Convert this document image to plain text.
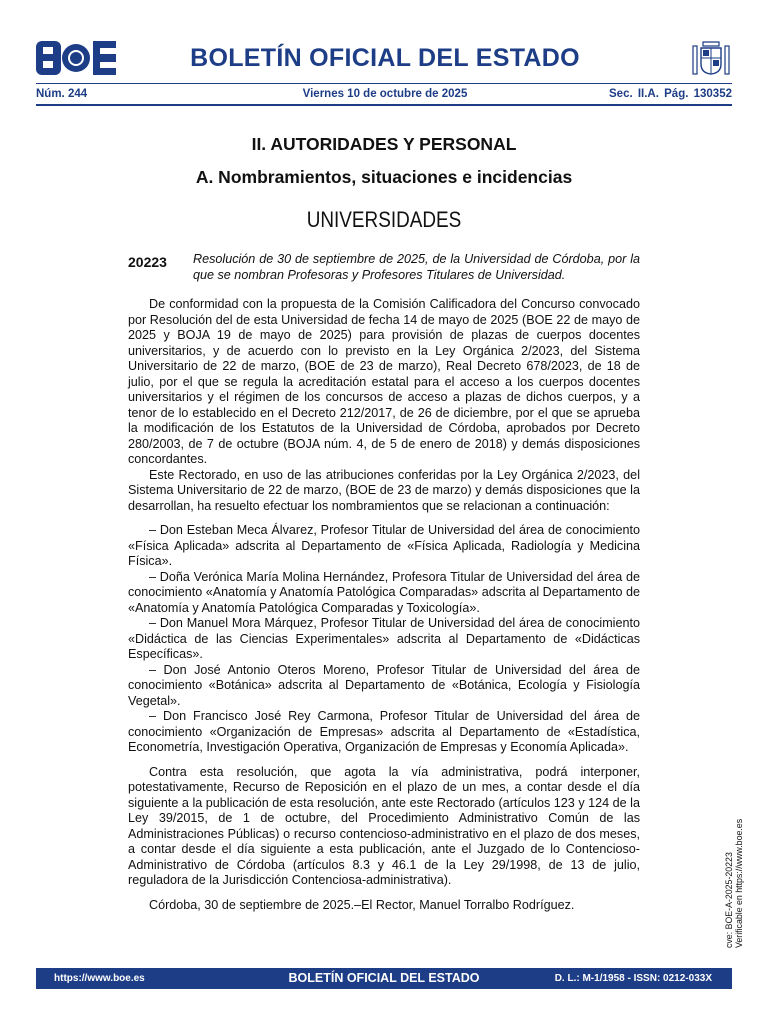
BOLETÍN OFICIAL DEL ESTADO
Núm. 244	Viernes 10 de octubre de 2025	Sec. II.A. Pág. 130352
II. AUTORIDADES Y PERSONAL
A. Nombramientos, situaciones e incidencias
UNIVERSIDADES
20223 Resolución de 30 de septiembre de 2025, de la Universidad de Córdoba, por la que se nombran Profesoras y Profesores Titulares de Universidad.

De conformidad con la propuesta de la Comisión Calificadora del Concurso convocado por Resolución del de esta Universidad de fecha 14 de mayo de 2025 (BOE 22 de mayo de 2025 y BOJA 19 de mayo de 2025) para provisión de plazas de cuerpos docentes universitarios, y de acuerdo con lo previsto en la Ley Orgánica 2/2023, del Sistema Universitario de 22 de marzo, (BOE de 23 de marzo), Real Decreto 678/2023, de 18 de julio, por el que se regula la acreditación estatal para el acceso a los cuerpos docentes universitarios y el régimen de los concursos de acceso a plazas de dichos cuerpos, y a tenor de lo establecido en el Decreto 212/2017, de 26 de diciembre, por el que se aprueba la modificación de los Estatutos de la Universidad de Córdoba, aprobados por Decreto 280/2003, de 7 de octubre (BOJA núm. 4, de 5 de enero de 2018) y demás disposiciones concordantes.

Este Rectorado, en uso de las atribuciones conferidas por la Ley Orgánica 2/2023, del Sistema Universitario de 22 de marzo, (BOE de 23 de marzo) y demás disposiciones que la desarrollan, ha resuelto efectuar los nombramientos que se relacionan a continuación:

– Don Esteban Meca Álvarez, Profesor Titular de Universidad del área de conocimiento «Física Aplicada» adscrita al Departamento de «Física Aplicada, Radiología y Medicina Física».

– Doña Verónica María Molina Hernández, Profesora Titular de Universidad del área de conocimiento «Anatomía y Anatomía Patológica Comparadas» adscrita al Departamento de «Anatomía y Anatomía Patológica Comparadas y Toxicología».

– Don Manuel Mora Márquez, Profesor Titular de Universidad del área de conocimiento «Didáctica de las Ciencias Experimentales» adscrita al Departamento de «Didácticas Específicas».

– Don José Antonio Oteros Moreno, Profesor Titular de Universidad del área de conocimiento «Botánica» adscrita al Departamento de «Botánica, Ecología y Fisiología Vegetal».

– Don Francisco José Rey Carmona, Profesor Titular de Universidad del área de conocimiento «Organización de Empresas» adscrita al Departamento de «Estadística, Econometría, Investigación Operativa, Organización de Empresas y Economía Aplicada».

Contra esta resolución, que agota la vía administrativa, podrá interponer, potestativamente, Recurso de Reposición en el plazo de un mes, a contar desde el día siguiente a la publicación de esta resolución, ante este Rectorado (artículos 123 y 124 de la Ley 39/2015, de 1 de octubre, del Procedimiento Administrativo Común de las Administraciones Públicas) o recurso contencioso-administrativo en el plazo de dos meses, a contar desde el día siguiente a esta publicación, ante el Juzgado de lo Contencioso-Administrativo de Córdoba (artículos 8.3 y 46.1 de la Ley 29/1998, de 13 de julio, reguladora de la Jurisdicción Contenciosa-administrativa).

Córdoba, 30 de septiembre de 2025.–El Rector, Manuel Torralbo Rodríguez.	cve: BOE-A-2025-20223 Verificable en https://www.boe.es
https://www.boe.es	BOLETÍN OFICIAL DEL ESTADO	D. L.: M-1/1958 - ISSN: 0212-033X
